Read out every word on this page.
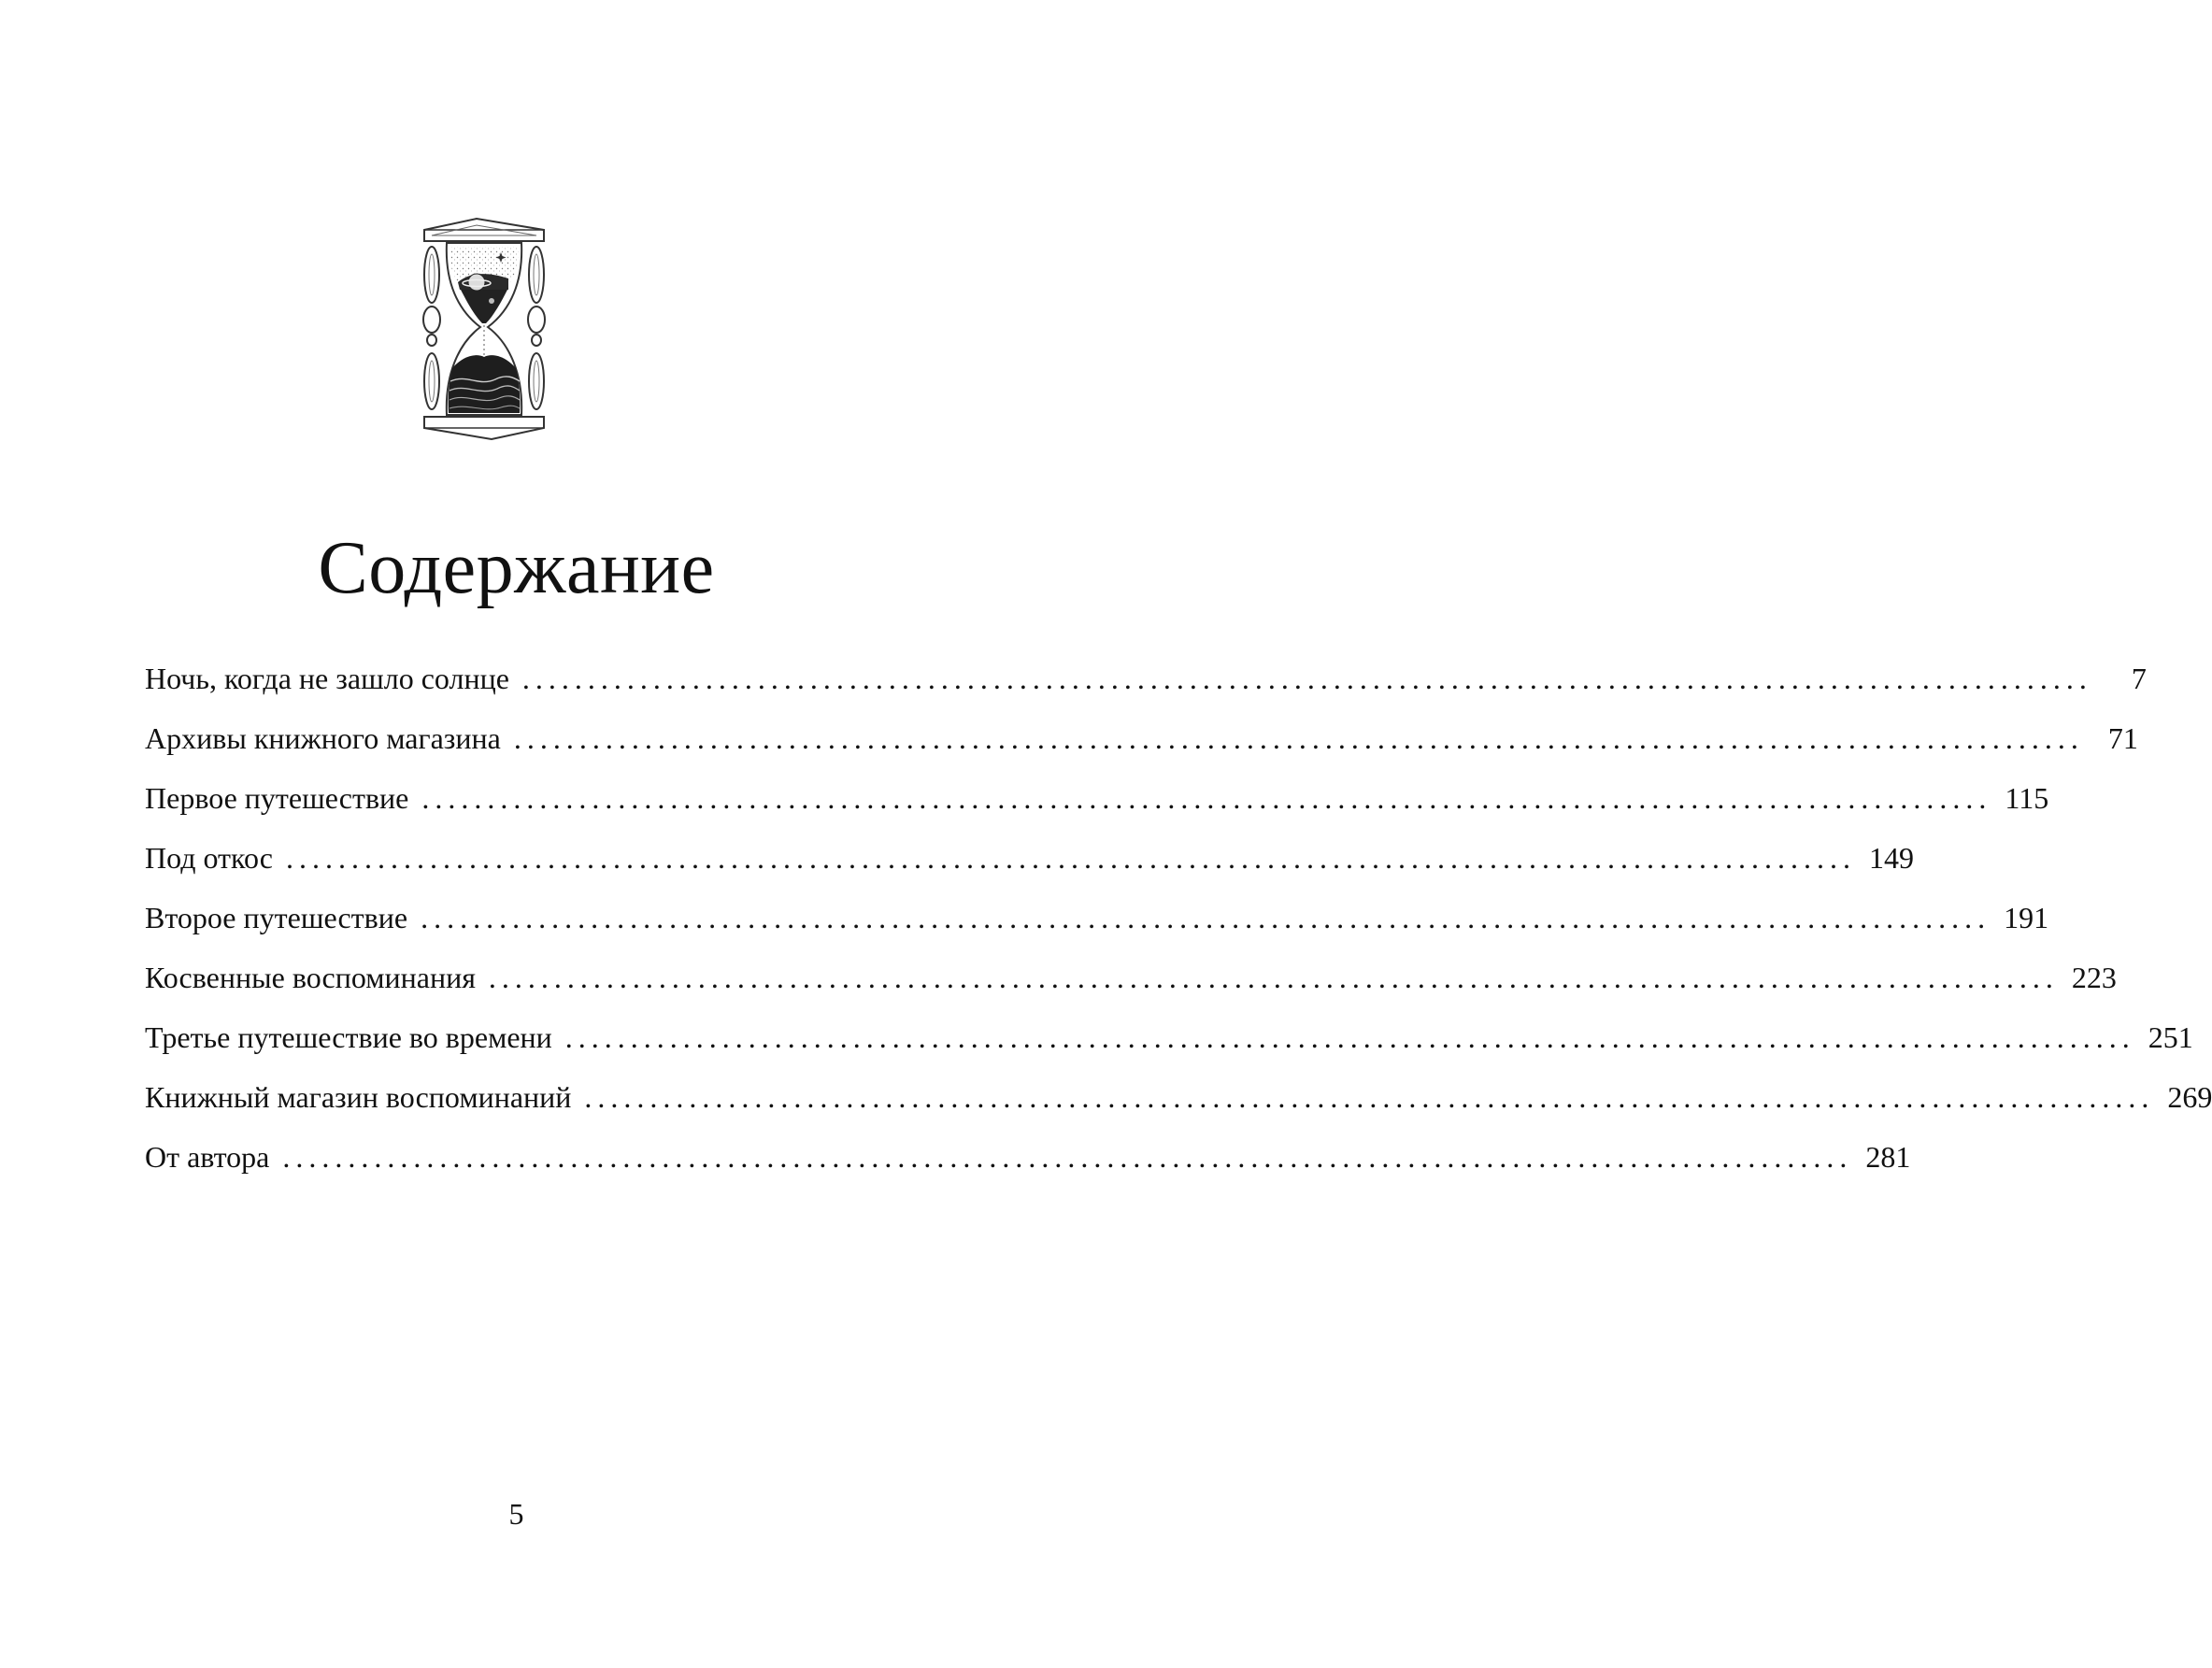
Содержание
Ночь, когда не зашло солнце ........................................................................................................................	7
Архивы книжного магазина ........................................................................................................................ 71
Первое путешествие ........................................................................................................................ 115
Под откос ........................................................................................................................ 149
Второе путешествие ........................................................................................................................ 191
Косвенные воспоминания ........................................................................................................................ 223
Третье путешествие во времени ........................................................................................................................ 251
Книжный магазин воспоминаний ........................................................................................................................ 269
От автора ........................................................................................................................ 281
5
